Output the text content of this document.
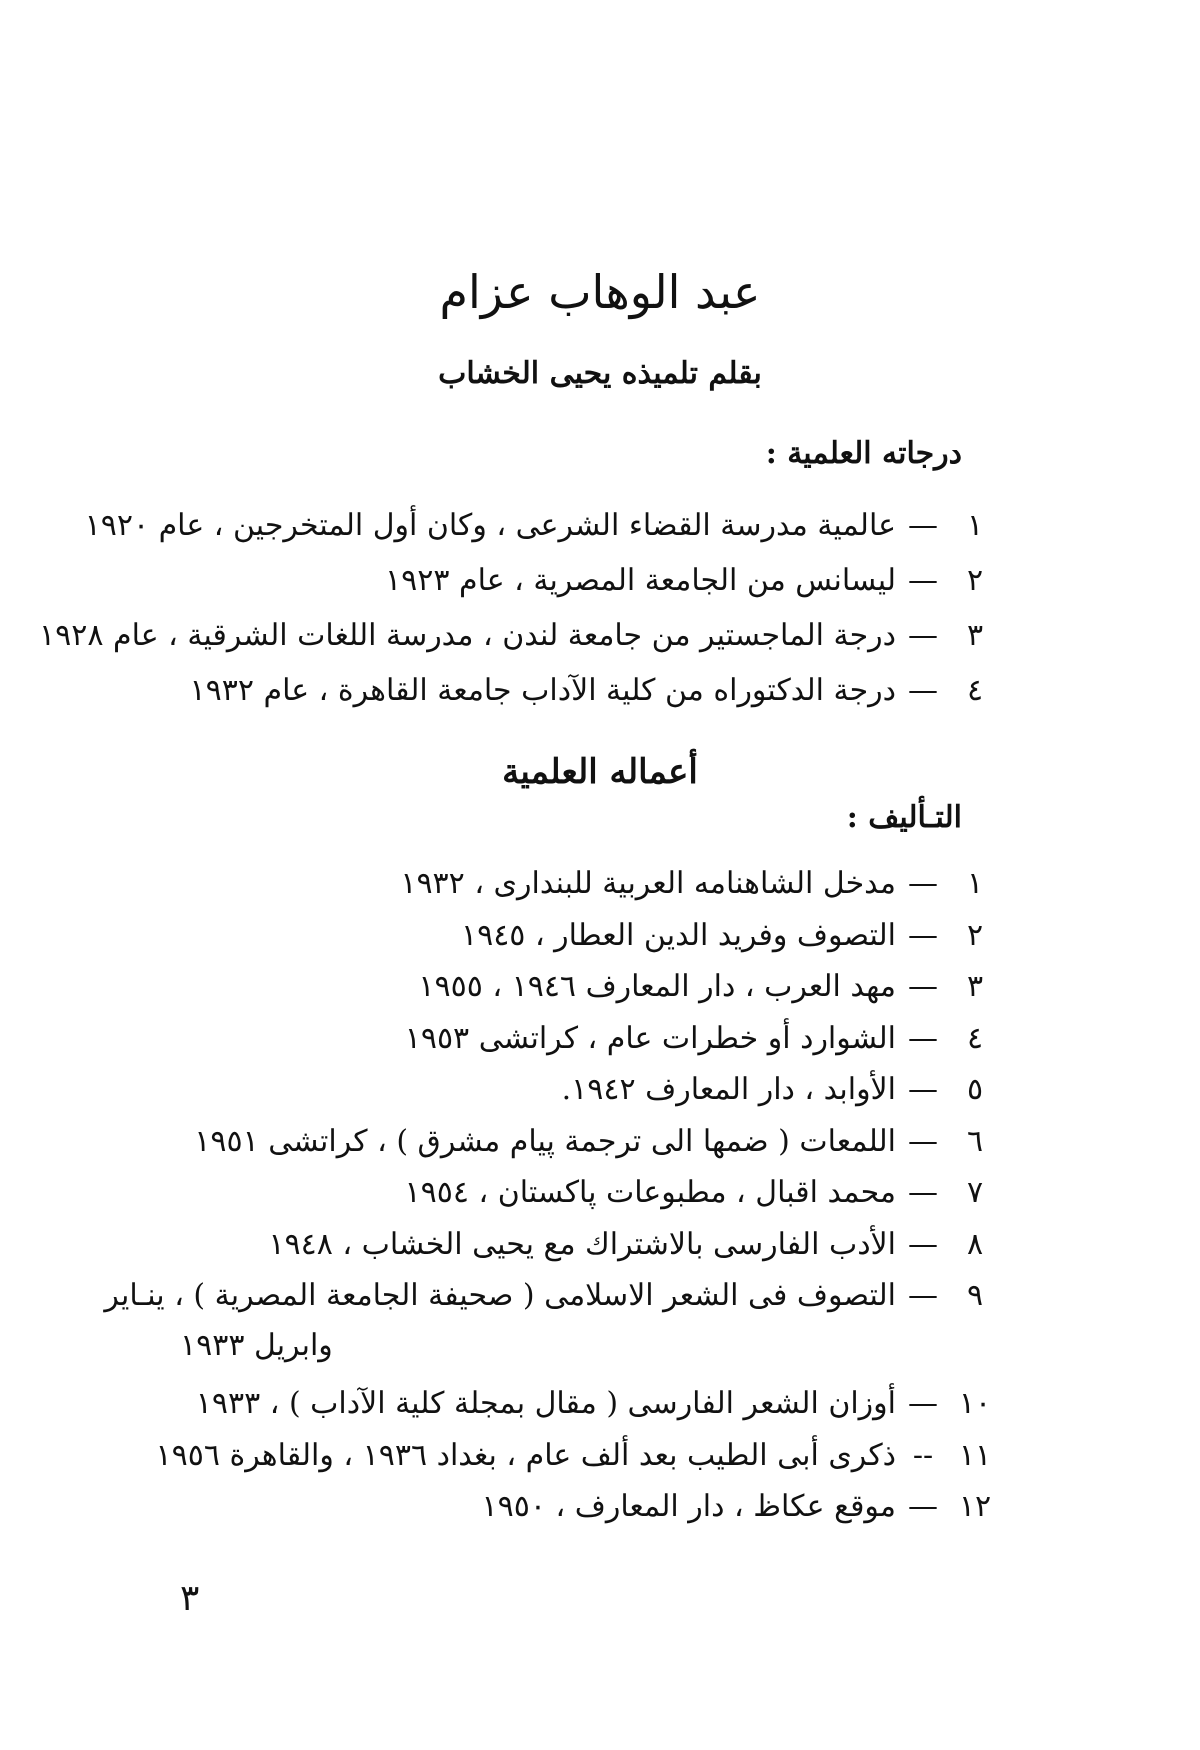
عبد الوهاب عزام
بقلم تلميذه يحيى الخشاب
درجاته العلمية :
١—عالمية مدرسة القضاء الشرعى ، وكان أول المتخرجين ، عام ١٩٢٠
٢—ليسانس من الجامعة المصرية ، عام ١٩٢٣
٣—درجة الماجستير من جامعة لندن ، مدرسة اللغات الشرقية ، عام ١٩٢٨
٤—درجة الدكتوراه من كلية الآداب جامعة القاهرة ، عام ١٩٣٢
أعماله العلمية
التـأليف :
١—مدخل الشاهنامه العربية للبندارى ، ١٩٣٢
٢—التصوف وفريد الدين العطار ، ١٩٤٥
٣—مهد العرب ، دار المعارف ١٩٤٦ ، ١٩٥٥
٤—الشوارد أو خطرات عام ، كراتشى ١٩٥٣
٥—الأوابد ، دار المعارف ١٩٤٢.
٦—اللمعات ( ضمها الى ترجمة پيام مشرق ) ، كراتشى ١٩٥١
٧—محمد اقبال ، مطبوعات پاكستان ، ١٩٥٤
٨—الأدب الفارسى بالاشتراك مع يحيى الخشاب ، ١٩٤٨
٩—التصوف فى الشعر الاسلامى ( صحيفة الجامعة المصرية ) ، ينـاير
وابريل ١٩٣٣
١٠—أوزان الشعر الفارسى ( مقال بمجلة كلية الآداب ) ، ١٩٣٣
١١--ذكرى أبى الطيب بعد ألف عام ، بغداد ١٩٣٦ ، والقاهرة ١٩٥٦
١٢—موقع عكاظ ، دار المعارف ، ١٩٥٠
٣
